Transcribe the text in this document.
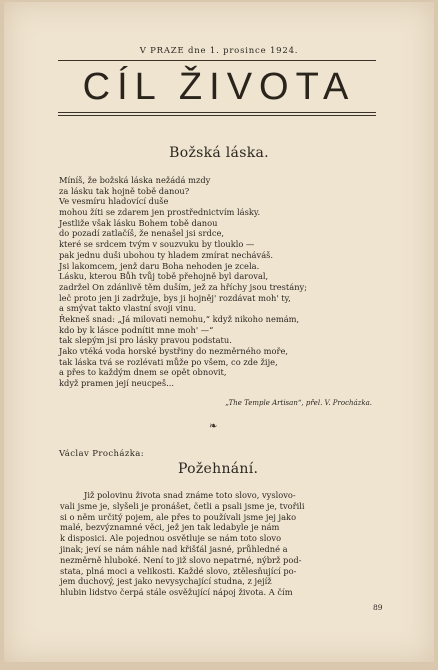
V PRAZE dne 1. prosince 1924.
CÍL ŽIVOTA
Božská láska.
Míníš, že božská láska nežádá mzdy
za lásku tak hojně tobě danou?
Ve vesmíru hladovící duše
mohou žíti se zdarem jen prostřednictvím lásky.
Jestliže však lásku Bohem tobě danou
do pozadí zatlačíš, že nenašel jsi srdce,
které se srdcem tvým v souzvuku by tlouklo —
pak jednu duši ubohou ty hladem zmírat necháváš.
Jsi lakomcem, jenž daru Boha nehoden je zcela.
Lásku, kterou Bůh tvůj tobě přehojně byl daroval,
zadržel On zdánlivě těm duším, jež za hříchy jsou trestány;
leč proto jen ji zadržuje, bys ji hojněj' rozdávat moh' ty,
a smývat takto vlastní svoji vinu.
Řekneš snad: „Já milovati nemohu,“ když nikoho nemám,
kdo by k lásce podnítit mne moh' —“
tak slepým jsi pro lásky pravou podstatu.
Jako vtéká voda horské bystřiny do nezměrného moře,
tak láska tvá se rozlévati může po všem, co zde žije,
a přes to každým dnem se opět obnovit,
když pramen její neucpeš...
„The Temple Artisan“, přel. V. Procházka.
❧
Václav Procházka:
Požehnání.
Již polovinu života snad známe toto slovo, vyslovo-
vali jsme je, slyšeli je pronášet, četli a psali jsme je, tvořili
si o něm určitý pojem, ale přes to používali jsme jej jako
malé, bezvýznamné věci, jež jen tak ledabyle je nám
k disposici. Ale pojednou osvětluje se nám toto slovo
jinak; jeví se nám náhle nad křišťál jasné, průhledné a
nezměrně hluboké. Není to již slovo nepatrné, nýbrž pod-
stata, plná moci a velikosti. Každé slovo, ztělesňující po-
jem duchový, jest jako nevysychající studna, z jejíž
hlubin lidstvo čerpá stále osvěžující nápoj života. A čím
89
